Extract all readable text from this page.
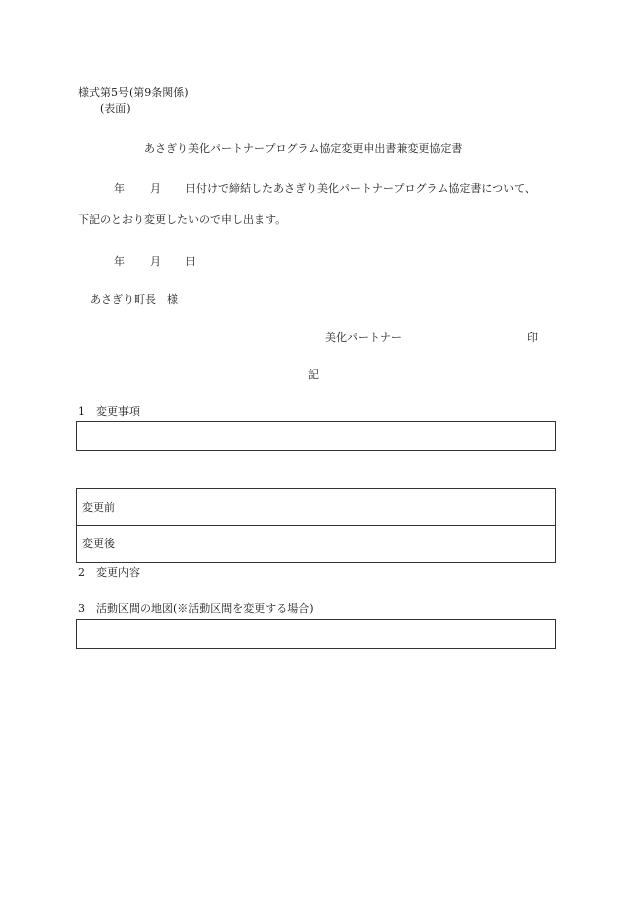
様式第5号(第9条関係)
(表面)
あさぎり美化パートナープログラム協定変更申出書兼変更協定書
年 月 日付けで締結したあさぎり美化パートナープログラム協定書について、
下記のとおり変更したいので申し出ます。
年 月 日
あさぎり町長　様
美化パートナー	印
記
1　変更事項
変更前
変更後
2　変更内容
3　活動区間の地図(※活動区間を変更する場合)
